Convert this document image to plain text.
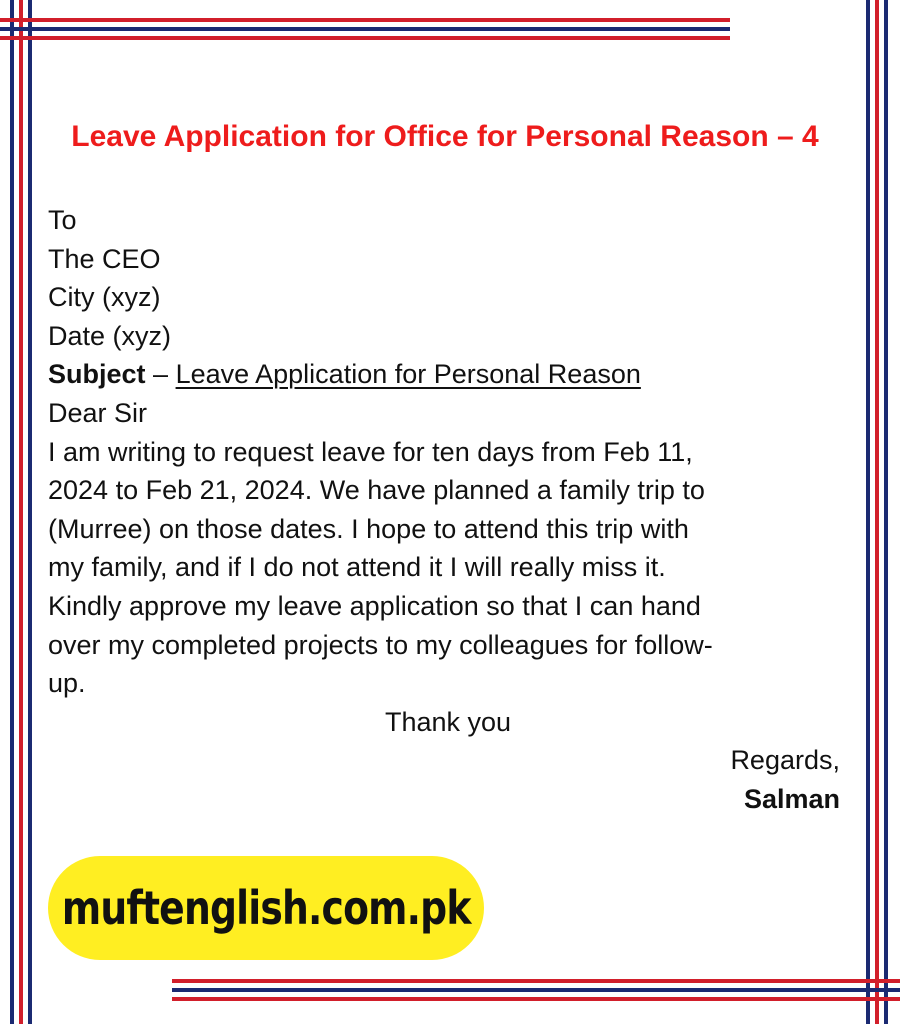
Leave Application for Office for Personal Reason – 4
To
The CEO
City (xyz)
Date (xyz)
Subject – Leave Application for Personal Reason
Dear Sir
I am writing to request leave for ten days from Feb 11,
2024 to Feb 21, 2024. We have planned a family trip to
(Murree) on those dates. I hope to attend this trip with
my family, and if I do not attend it I will really miss it.
Kindly approve my leave application so that I can hand
over my completed projects to my colleagues for follow-
up.
Thank you
Regards,
Salman
muftenglish.com.pk
